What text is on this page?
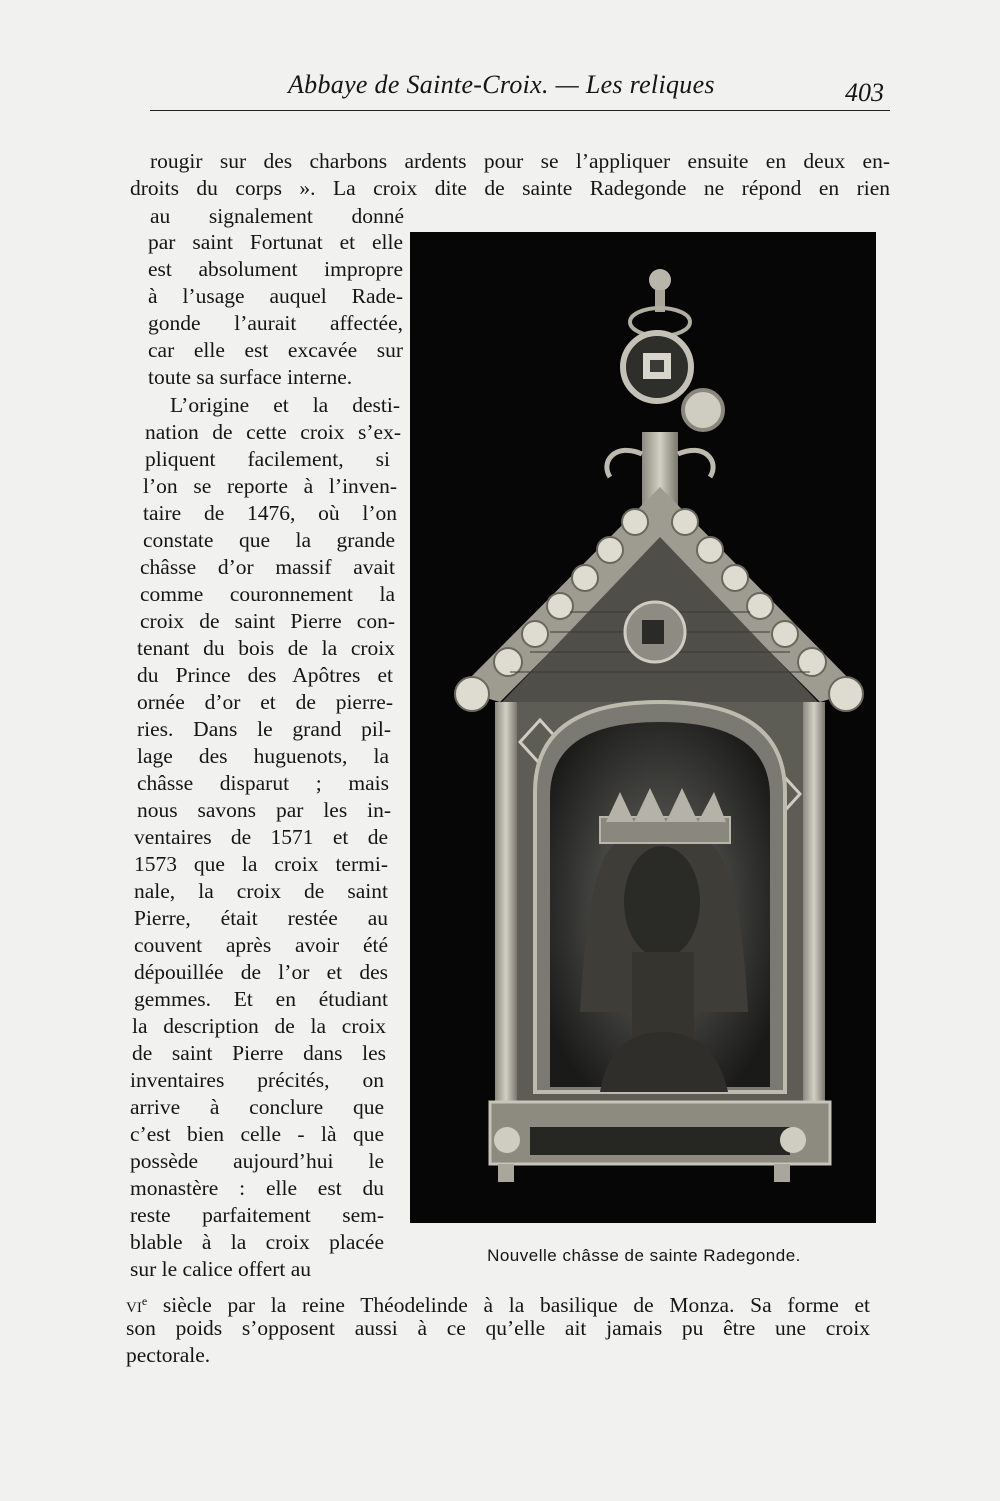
Abbaye de Sainte-Croix. — Les reliques	403
rougir sur des charbons ardents pour se l’appliquer ensuite en deux en-
droits du corps ». La croix dite de sainte Radegonde ne répond en rien
au signalement donné
par saint Fortunat et elle
est absolument impropre
à l’usage auquel Rade-
gonde l’aurait affectée,
car elle est excavée sur
toute sa surface interne.
L’origine et la desti-
nation de cette croix s’ex-
pliquent facilement, si
l’on se reporte à l’inven-
taire de 1476, où l’on
constate que la grande
châsse d’or massif avait
comme couronnement la
croix de saint Pierre con-
tenant du bois de la croix
du Prince des Apôtres et
ornée d’or et de pierre-
ries. Dans le grand pil-
lage des huguenots, la
châsse disparut ; mais
nous savons par les in-
ventaires de 1571 et de
1573 que la croix termi-
nale, la croix de saint
Pierre, était restée au
couvent après avoir été
dépouillée de l’or et des
gemmes. Et en étudiant
la description de la croix
de saint Pierre dans les
inventaires précités, on
arrive à conclure que
c’est bien celle - là que
possède aujourd’hui le
monastère : elle est du
reste parfaitement sem-
blable à la croix placée
sur le calice offert au
$vi^e$ siècle par la reine Théodelinde à la basilique de Monza. Sa forme et
son poids s’opposent aussi à ce qu’elle ait jamais pu être une croix
pectorale.
Nouvelle châsse de sainte Radegonde.
